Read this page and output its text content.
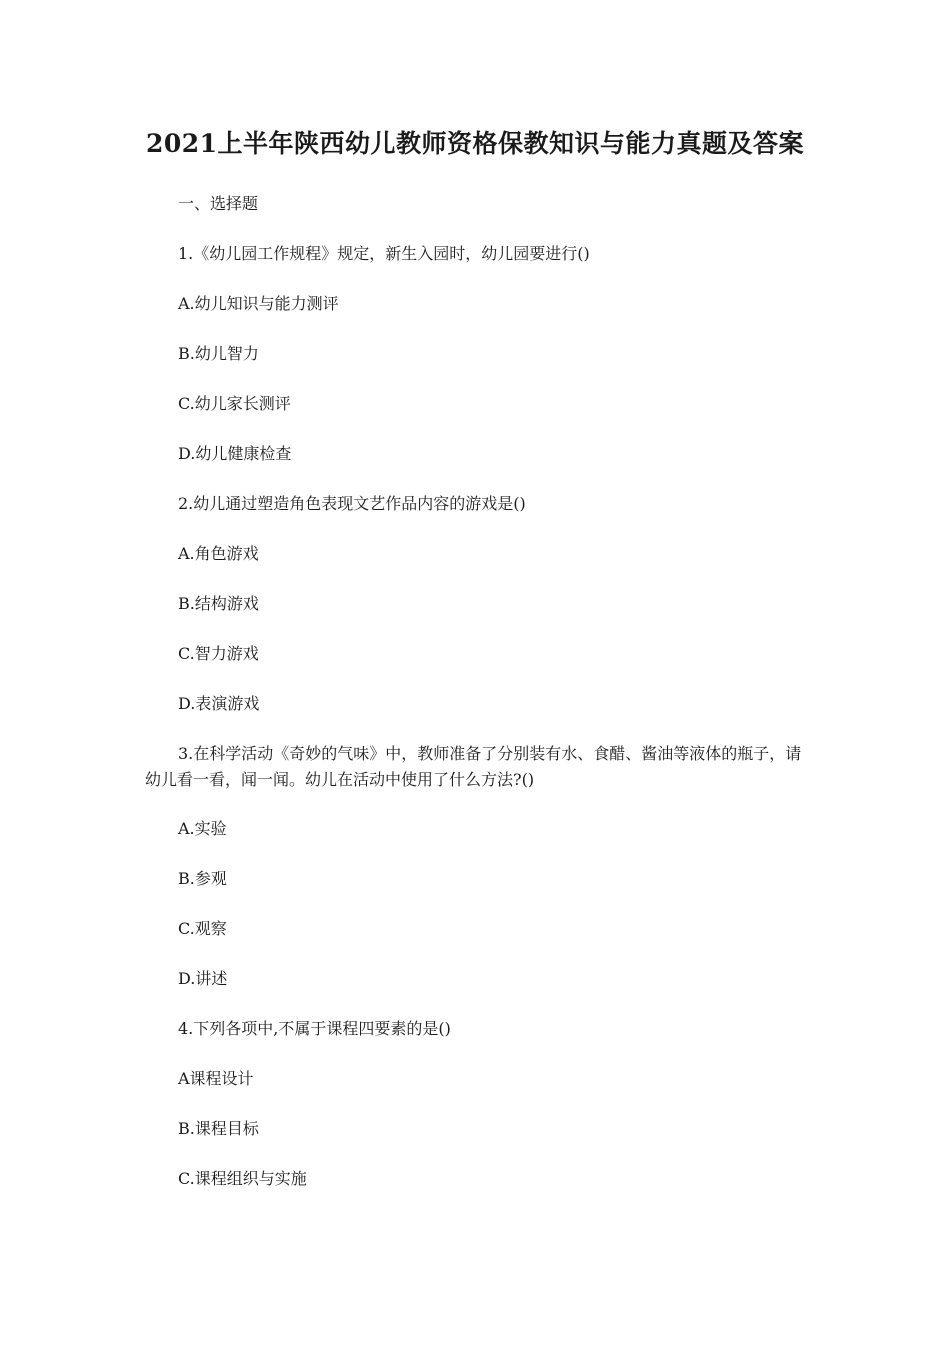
2021上半年陕西幼儿教师资格保教知识与能力真题及答案
一、选择题
1.《幼儿园工作规程》规定，新生入园时，幼儿园要进行()
A.幼儿知识与能力测评
B.幼儿智力
C.幼儿家长测评
D.幼儿健康检查
2.幼儿通过塑造角色表现文艺作品内容的游戏是()
A.角色游戏
B.结构游戏
C.智力游戏
D.表演游戏
3.在科学活动《奇妙的气味》中，教师准备了分别装有水、食醋、酱油等液体的瓶子，请幼儿看一看，闻一闻。幼儿在活动中使用了什么方法?()
A.实验
B.参观
C.观察
D.讲述
4.下列各项中,不属于课程四要素的是()
A课程设计
B.课程目标
C.课程组织与实施
